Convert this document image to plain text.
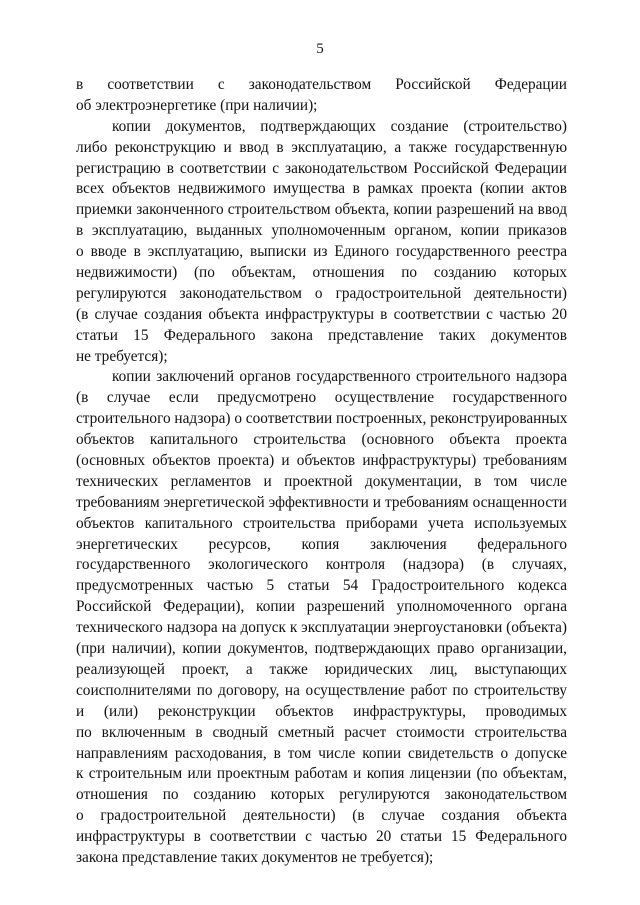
5
в соответствии с законодательством Российской Федерации
об электроэнергетике (при наличии);
копии документов, подтверждающих создание (строительство)
либо реконструкцию и ввод в эксплуатацию, а также государственную
регистрацию в соответствии с законодательством Российской Федерации
всех объектов недвижимого имущества в рамках проекта (копии актов
приемки законченного строительством объекта, копии разрешений на ввод
в эксплуатацию, выданных уполномоченным органом, копии приказов
о вводе в эксплуатацию, выписки из Единого государственного реестра
недвижимости) (по объектам, отношения по созданию которых
регулируются законодательством о градостроительной деятельности)
(в случае создания объекта инфраструктуры в соответствии с частью 20
статьи 15 Федерального закона представление таких документов
не требуется);
копии заключений органов государственного строительного надзора
(в случае если предусмотрено осуществление государственного
строительного надзора) о соответствии построенных, реконструированных
объектов капитального строительства (основного объекта проекта
(основных объектов проекта) и объектов инфраструктуры) требованиям
технических регламентов и проектной документации, в том числе
требованиям энергетической эффективности и требованиям оснащенности
объектов капитального строительства приборами учета используемых
энергетических ресурсов, копия заключения федерального
государственного экологического контроля (надзора) (в случаях,
предусмотренных частью 5 статьи 54 Градостроительного кодекса
Российской Федерации), копии разрешений уполномоченного органа
технического надзора на допуск к эксплуатации энергоустановки (объекта)
(при наличии), копии документов, подтверждающих право организации,
реализующей проект, а также юридических лиц, выступающих
соисполнителями по договору, на осуществление работ по строительству
и (или) реконструкции объектов инфраструктуры, проводимых
по включенным в сводный сметный расчет стоимости строительства
направлениям расходования, в том числе копии свидетельств о допуске
к строительным или проектным работам и копия лицензии (по объектам,
отношения по созданию которых регулируются законодательством
о градостроительной деятельности) (в случае создания объекта
инфраструктуры в соответствии с частью 20 статьи 15 Федерального
закона представление таких документов не требуется);
